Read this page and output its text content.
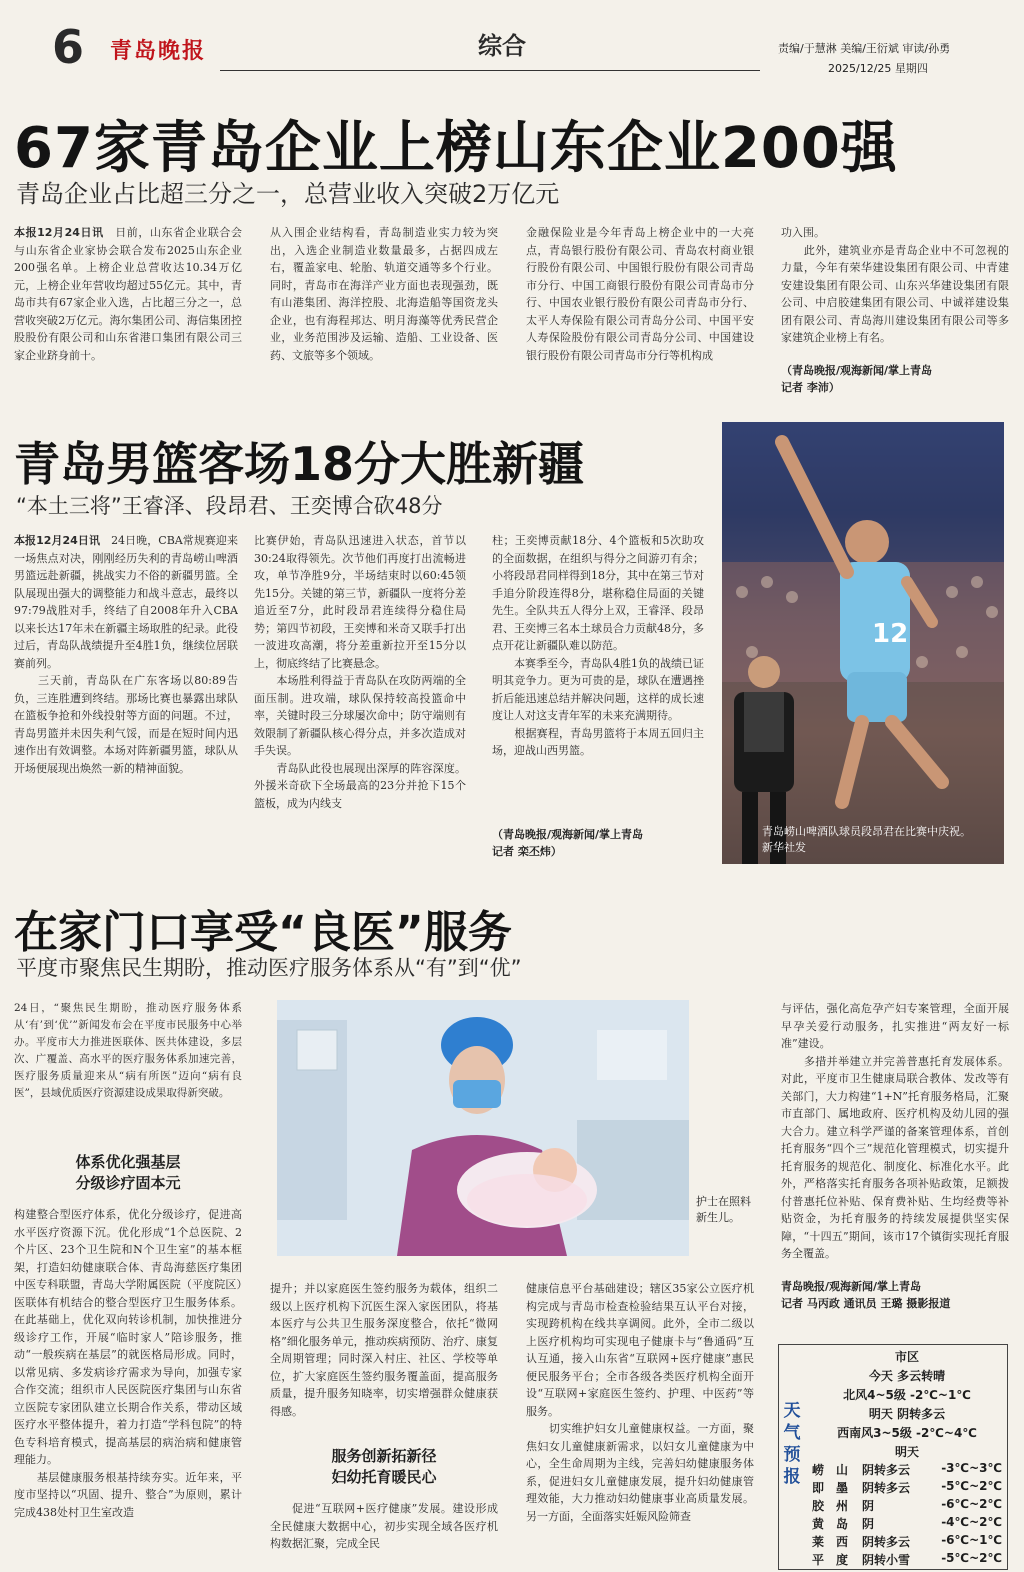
6 青岛晚报	综合	责编/于慧淋 美编/王衍斌 审读/孙勇
2025/12/25 星期四
67家青岛企业上榜山东企业200强
青岛企业占比超三分之一，总营业收入突破2万亿元
本报12月24日讯　 日前，山东省企业联合会与山东省企业家协会联合发布2025山东企业200强名单。上榜企业总营收达10.34万亿元，上榜企业年营收均超过55亿元。其中，青岛市共有67家企业入选，占比超三分之一，总营收突破2万亿元。海尔集团公司、海信集团控股股份有限公司和山东省港口集团有限公司三家企业跻身前十。
从入围企业结构看，青岛制造业实力较为突出，入选企业制造业数量最多，占据四成左右，覆盖家电、轮胎、轨道交通等多个行业。同时，青岛市在海洋产业方面也表现强劲，既有山港集团、海洋控股、北海造船等国资龙头企业，也有海程邦达、明月海藻等优秀民营企业，业务范围涉及运输、造船、工业设备、医药、文旅等多个领域。
金融保险业是今年青岛上榜企业中的一大亮点，青岛银行股份有限公司、青岛农村商业银行股份有限公司、中国银行股份有限公司青岛市分行、中国工商银行股份有限公司青岛市分行、中国农业银行股份有限公司青岛市分行、太平人寿保险有限公司青岛分公司、中国平安人寿保险股份有限公司青岛分公司、中国建设银行股份有限公司青岛市分行等机构成
功入围。
　　此外，建筑业亦是青岛企业中不可忽视的力量，今年有荣华建设集团有限公司、中青建安建设集团有限公司、山东兴华建设集团有限公司、中启胶建集团有限公司、中诚祥建设集团有限公司、青岛海川建设集团有限公司等多家建筑企业榜上有名。
（青岛晚报/观海新闻/掌上青岛
记者 李沛）
青岛男篮客场18分大胜新疆
“本土三将”王睿泽、段昂君、王奕博合砍48分
本报12月24日讯　 24日晚，CBA常规赛迎来一场焦点对决，刚刚经历失利的青岛崂山啤酒男篮远赴新疆，挑战实力不俗的新疆男篮。全队展现出强大的调整能力和战斗意志，最终以97:79战胜对手，终结了自2008年升入CBA以来长达17年未在新疆主场取胜的纪录。此役过后，青岛队战绩提升至4胜1负，继续位居联赛前列。
　　三天前，青岛队在广东客场以80:89告负，三连胜遭到终结。那场比赛也暴露出球队在篮板争抢和外线投射等方面的问题。不过，青岛男篮并未因失利气馁，而是在短时间内迅速作出有效调整。本场对阵新疆男篮，球队从开场便展现出焕然一新的精神面貌。
比赛伊始，青岛队迅速进入状态，首节以30:24取得领先。次节他们再度打出流畅进攻，单节净胜9分，半场结束时以60:45领先15分。关键的第三节，新疆队一度将分差追近至7分，此时段昂君连续得分稳住局势；第四节初段，王奕博和米奇又联手打出一波进攻高潮，将分差重新拉开至15分以上，彻底终结了比赛悬念。
　　本场胜利得益于青岛队在攻防两端的全面压制。进攻端，球队保持较高投篮命中率，关键时段三分球屡次命中；防守端则有效限制了新疆队核心得分点，并多次造成对手失误。
　　青岛队此役也展现出深厚的阵容深度。外援米奇砍下全场最高的23分并抢下15个篮板，成为内线支
柱；王奕博贡献18分、4个篮板和5次助攻的全面数据，在组织与得分之间游刃有余；小将段昂君同样得到18分，其中在第三节对手追分阶段连得8分，堪称稳住局面的关键先生。全队共五人得分上双，王睿泽、段昂君、王奕博三名本土球员合力贡献48分，多点开花让新疆队难以防范。
　　本赛季至今，青岛队4胜1负的战绩已证明其竞争力。更为可贵的是，球队在遭遇挫折后能迅速总结并解决问题，这样的成长速度让人对这支青年军的未来充满期待。
　　根据赛程，青岛男篮将于本周五回归主场，迎战山西男篮。
（青岛晚报/观海新闻/掌上青岛
记者 栾丕炜）
12
青岛崂山啤酒队球员段昂君在比赛中庆祝。　　新华社发
在家门口享受“良医”服务
平度市聚焦民生期盼，推动医疗服务体系从“有”到“优”
24日，“聚焦民生期盼，推动医疗服务体系从‘有’到‘优’”新闻发布会在平度市民服务中心举办。平度市大力推进医联体、医共体建设，多层次、广覆盖、高水平的医疗服务体系加速完善，医疗服务质量迎来从“病有所医”迈向“病有良医”，县域优质医疗资源建设成果取得新突破。
体系优化强基层
分级诊疗固本元
构建整合型医疗体系，优化分级诊疗，促进高水平医疗资源下沉。优化形成“1个总医院、2个片区、23个卫生院和N个卫生室”的基本框架，打造妇幼健康联合体、青岛海慈医疗集团中医专科联盟，青岛大学附属医院（平度院区）医联体有机结合的整合型医疗卫生服务体系。在此基础上，优化双向转诊机制，加快推进分级诊疗工作，开展“临时家人”陪诊服务，推动“一般疾病在基层”的就医格局形成。同时，以常见病、多发病诊疗需求为导向，加强专家合作交流；组织市人民医院医疗集团与山东省立医院专家团队建立长期合作关系，带动区域医疗水平整体提升，着力打造“学科包院”的特色专科培育模式，提高基层的病治病和健康管理能力。
　　基层健康服务根基持续夯实。近年来，平度市坚持以“巩固、提升、整合”为原则，累计完成438处村卫生室改造
护士在照料新生儿。
提升；并以家庭医生签约服务为载体，组织二级以上医疗机构下沉医生深入家医团队，将基本医疗与公共卫生服务深度整合，依托“微网格”细化服务单元，推动疾病预防、治疗、康复全周期管理；同时深入村庄、社区、学校等单位，扩大家庭医生签约服务覆盖面，提高服务质量，提升服务知晓率，切实增强群众健康获得感。
服务创新拓新径
妇幼托育暖民心
促进“互联网+医疗健康”发展。建设形成全民健康大数据中心，初步实现全域各医疗机构数据汇聚，完成全民
健康信息平台基础建设；辖区35家公立医疗机构完成与青岛市检查检验结果互认平台对接，实现跨机构在线共享调阅。此外，全市二级以上医疗机构均可实现电子健康卡与“鲁通码”互认互通，接入山东省“互联网+医疗健康”惠民便民服务平台；全市各级各类医疗机构全面开设“互联网+家庭医生签约、护理、中医药”等服务。
　　切实维护妇女儿童健康权益。一方面，聚焦妇女儿童健康新需求，以妇女儿童健康为中心，全生命周期为主线，完善妇幼健康服务体系，促进妇女儿童健康发展，提升妇幼健康管理效能，大力推动妇幼健康事业高质量发展。另一方面，全面落实妊娠风险筛查
与评估，强化高危孕产妇专案管理，全面开展早孕关爱行动服务，扎实推进“两友好一标准”建设。
　　多措并举建立并完善普惠托育发展体系。对此，平度市卫生健康局联合教体、发改等有关部门，大力构建“1+N”托育服务格局，汇聚市直部门、属地政府、医疗机构及幼儿园的强大合力。建立科学严谨的备案管理体系，首创托育服务“四个三”规范化管理模式，切实提升托育服务的规范化、制度化、标准化水平。此外，严格落实托育服务各项补贴政策，足额拨付普惠托位补贴、保育费补贴、生均经费等补贴资金，为托育服务的持续发展提供坚实保障，“十四五”期间，该市17个镇街实现托育服务全覆盖。
青岛晚报/观海新闻/掌上青岛
记者 马丙政 通讯员 王璐 摄影报道
天气预报
市区
今天 多云转晴
北风4~5级 -2℃~1℃
明天 阴转多云
西南风3~5级 -2℃~4℃
明天
崂　山	阴转多云	-3℃~3℃
即　墨	阴转多云	-5℃~2℃
胶　州	阴	-6℃~2℃
黄　岛	阴	-4℃~2℃
莱　西	阴转多云	-6℃~1℃
平　度	阴转小雪	-5℃~2℃
